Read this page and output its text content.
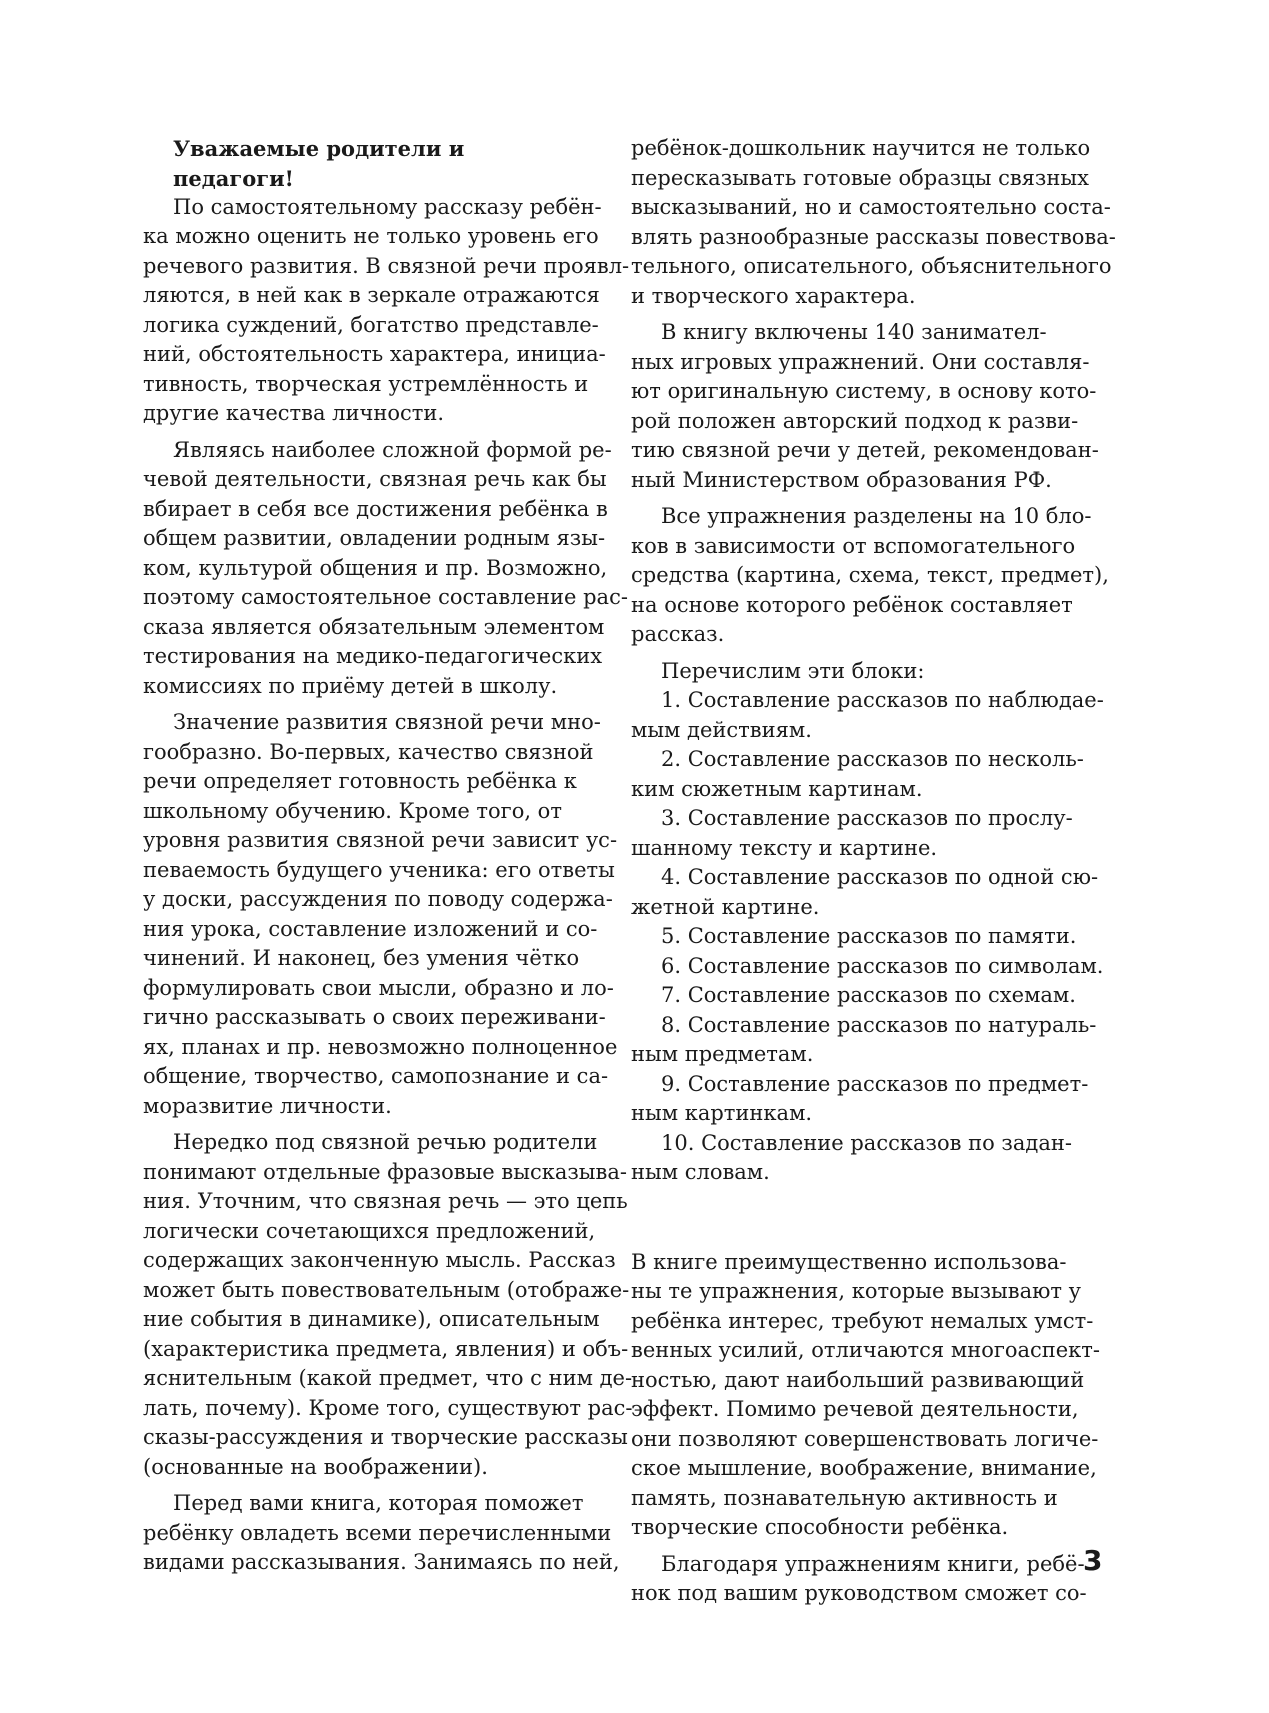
Уважаемые родители и педагоги!
По самостоятельному рассказу ребён-
ка можно оценить не только уровень его
речевого развития. В связной речи проявл-
ляются, в ней как в зеркале отражаются
логика суждений, богатство представле-
ний, обстоятельность характера, инициа-
тивность, творческая устремлённость и
другие качества личности.
Являясь наиболее сложной формой ре-
чевой деятельности, связная речь как бы
вбирает в себя все достижения ребёнка в
общем развитии, овладении родным язы-
ком, культурой общения и пр. Возможно,
поэтому самостоятельное составление рас-
сказа является обязательным элементом
тестирования на медико-педагогических
комиссиях по приёму детей в школу.
Значение развития связной речи мно-
гообразно. Во-первых, качество связной
речи определяет готовность ребёнка к
школьному обучению. Кроме того, от
уровня развития связной речи зависит ус-
певаемость будущего ученика: его ответы
у доски, рассуждения по поводу содержа-
ния урока, составление изложений и со-
чинений. И наконец, без умения чётко
формулировать свои мысли, образно и ло-
гично рассказывать о своих переживани-
ях, планах и пр. невозможно полноценное
общение, творчество, самопознание и са-
моразвитие личности.
Нередко под связной речью родители
понимают отдельные фразовые высказыва-
ния. Уточним, что связная речь — это цепь
логически сочетающихся предложений,
содержащих законченную мысль. Рассказ
может быть повествовательным (отображе-
ние события в динамике), описательным
(характеристика предмета, явления) и объ-
яснительным (какой предмет, что с ним де-
лать, почему). Кроме того, существуют рас-
сказы-рассуждения и творческие рассказы
(основанные на воображении).
Перед вами книга, которая поможет
ребёнку овладеть всеми перечисленными
видами рассказывания. Занимаясь по ней,
ребёнок-дошкольник научится не только
пересказывать готовые образцы связных
высказываний, но и самостоятельно соста-
влять разнообразные рассказы повествова-
тельного, описательного, объяснительного
и творческого характера.
В книгу включены 140 занимател-
ных игровых упражнений. Они составля-
ют оригинальную систему, в основу кото-
рой положен авторский подход к разви-
тию связной речи у детей, рекомендован-
ный Министерством образования РФ.
Все упражнения разделены на 10 бло-
ков в зависимости от вспомогательного
средства (картина, схема, текст, предмет),
на основе которого ребёнок составляет
рассказ.
Перечислим эти блоки:
1. Составление рассказов по наблюдае-
мым действиям.
2. Составление рассказов по несколь-
ким сюжетным картинам.
3. Составление рассказов по прослу-
шанному тексту и картине.
4. Составление рассказов по одной сю-
жетной картине.
5. Составление рассказов по памяти.
6. Составление рассказов по символам.
7. Составление рассказов по схемам.
8. Составление рассказов по натураль-
ным предметам.
9. Составление рассказов по предмет-
ным картинкам.
10. Составление рассказов по задан-
ным словам.
В книге преимущественно использова-
ны те упражнения, которые вызывают у
ребёнка интерес, требуют немалых умст-
венных усилий, отличаются многоаспект-
ностью, дают наибольший развивающий
эффект. Помимо речевой деятельности,
они позволяют совершенствовать логиче-
ское мышление, воображение, внимание,
память, познавательную активность и
творческие способности ребёнка.
Благодаря упражнениям книги, ребё-
нок под вашим руководством сможет со-
3
